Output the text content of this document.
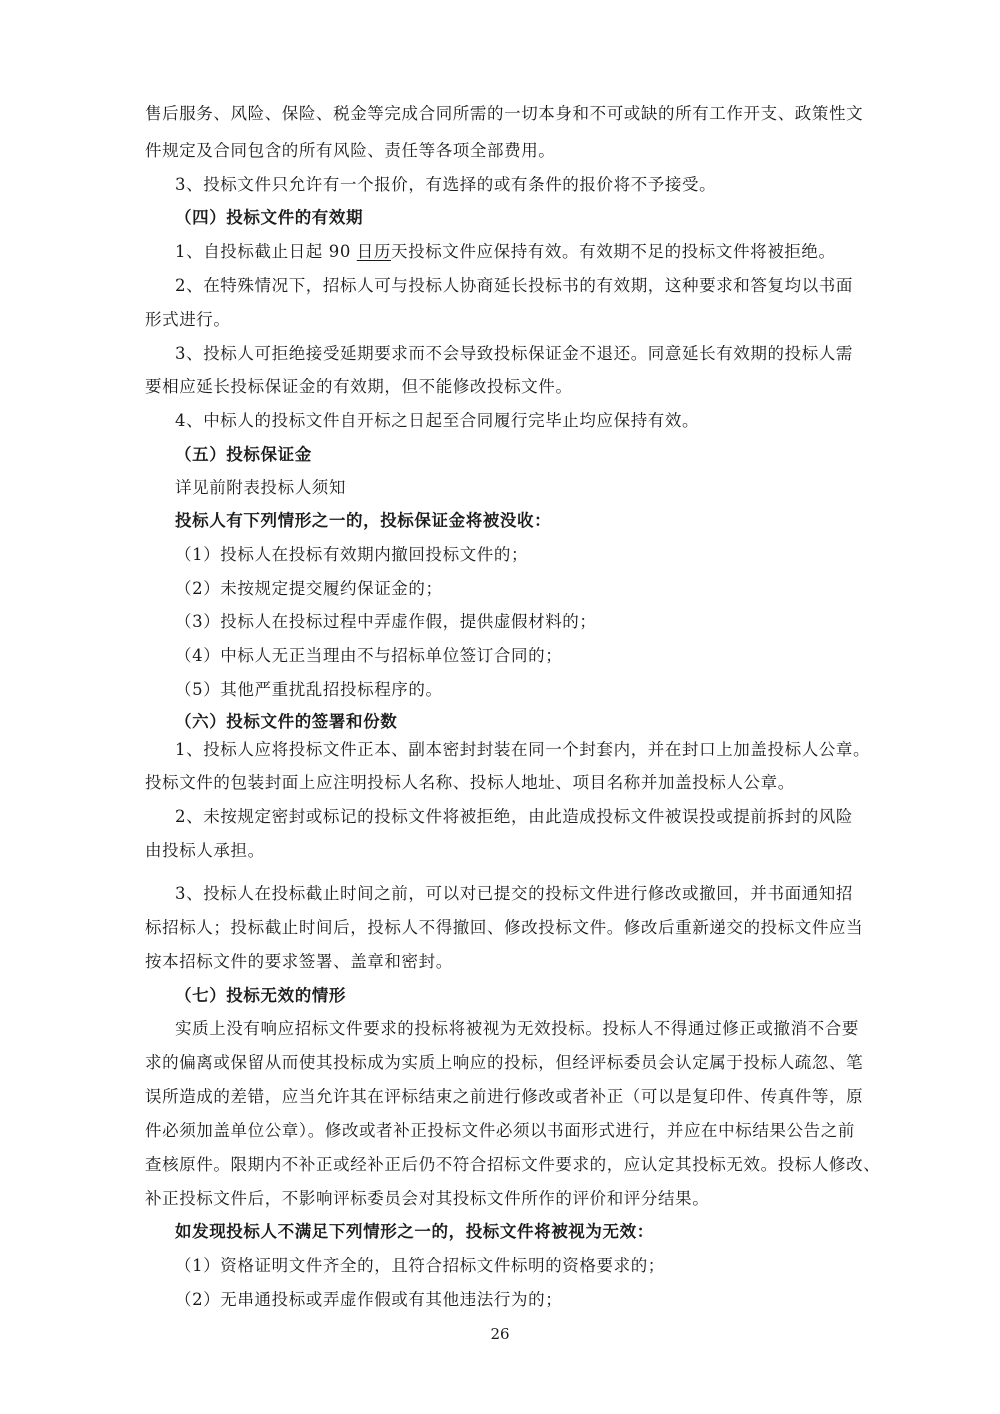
售后服务、风险、保险、税金等完成合同所需的一切本身和不可或缺的所有工作开支、政策性文
件规定及合同包含的所有风险、责任等各项全部费用。
3、投标文件只允许有一个报价，有选择的或有条件的报价将不予接受。
（四）投标文件的有效期
1、自投标截止日起 90 日历天投标文件应保持有效。有效期不足的投标文件将被拒绝。
2、在特殊情况下，招标人可与投标人协商延长投标书的有效期，这种要求和答复均以书面
形式进行。
3、投标人可拒绝接受延期要求而不会导致投标保证金不退还。同意延长有效期的投标人需
要相应延长投标保证金的有效期，但不能修改投标文件。
4、中标人的投标文件自开标之日起至合同履行完毕止均应保持有效。
（五）投标保证金
详见前附表投标人须知
投标人有下列情形之一的，投标保证金将被没收：
（1）投标人在投标有效期内撤回投标文件的；
（2）未按规定提交履约保证金的；
（3）投标人在投标过程中弄虚作假，提供虚假材料的；
（4）中标人无正当理由不与招标单位签订合同的；
（5）其他严重扰乱招投标程序的。
（六）投标文件的签署和份数
1、投标人应将投标文件正本、副本密封封装在同一个封套内，并在封口上加盖投标人公章。
投标文件的包装封面上应注明投标人名称、投标人地址、项目名称并加盖投标人公章。
2、未按规定密封或标记的投标文件将被拒绝，由此造成投标文件被误投或提前拆封的风险
由投标人承担。
3、投标人在投标截止时间之前，可以对已提交的投标文件进行修改或撤回，并书面通知招
标招标人；投标截止时间后，投标人不得撤回、修改投标文件。修改后重新递交的投标文件应当
按本招标文件的要求签署、盖章和密封。
（七）投标无效的情形
实质上没有响应招标文件要求的投标将被视为无效投标。投标人不得通过修正或撤消不合要
求的偏离或保留从而使其投标成为实质上响应的投标，但经评标委员会认定属于投标人疏忽、笔
误所造成的差错，应当允许其在评标结束之前进行修改或者补正（可以是复印件、传真件等，原
件必须加盖单位公章）。修改或者补正投标文件必须以书面形式进行，并应在中标结果公告之前
查核原件。限期内不补正或经补正后仍不符合招标文件要求的，应认定其投标无效。投标人修改、
补正投标文件后，不影响评标委员会对其投标文件所作的评价和评分结果。
如发现投标人不满足下列情形之一的，投标文件将被视为无效：
（1）资格证明文件齐全的，且符合招标文件标明的资格要求的；
（2）无串通投标或弄虚作假或有其他违法行为的；
26
